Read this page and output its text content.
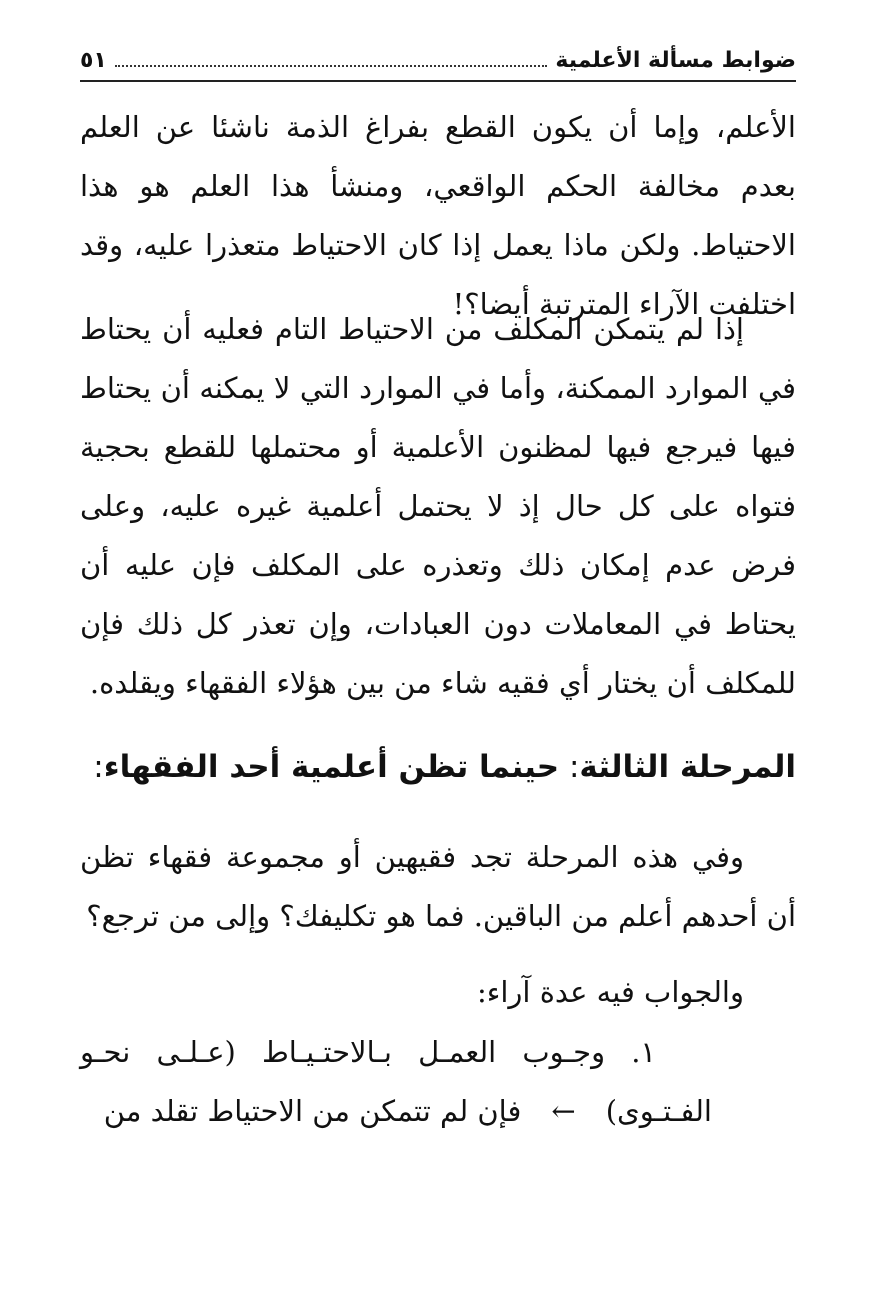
ضوابط مسألة الأعلمية
٥١
الأعلم، وإما أن يكون القطع بفراغ الذمة ناشئا عن العلم بعدم مخالفة الحكم الواقعي، ومنشأ هذا العلم هو هذا الاحتياط. ولكن ماذا يعمل إذا كان الاحتياط متعذرا عليه، وقد اختلفت الآراء المترتبة أيضا؟!
إذا لم يتمكن المكلف من الاحتياط التام فعليه أن يحتاط في الموارد الممكنة، وأما في الموارد التي لا يمكنه أن يحتاط فيها فيرجع فيها لمظنون الأعلمية أو محتملها للقطع بحجية فتواه على كل حال إذ لا يحتمل أعلمية غيره عليه، وعلى فرض عدم إمكان ذلك وتعذره على المكلف فإن عليه أن يحتاط في المعاملات دون العبادات، وإن تعذر كل ذلك فإن للمكلف أن يختار أي فقيه شاء من بين هؤلاء الفقهاء ويقلده.
المرحلة الثالثة: حينما تظن أعلمية أحد الفقهاء:
وفي هذه المرحلة تجد فقيهين أو مجموعة فقهاء تظن أن أحدهم أعلم من الباقين. فما هو تكليفك؟ وإلى من ترجع؟
والجواب فيه عدة آراء:
١.
وجـوب
العمـل
بـالاحتـيـاط
(عـلـى
نحـو
الفـتـوى)
←
فإن لم تتمكن من الاحتياط تقلد من
